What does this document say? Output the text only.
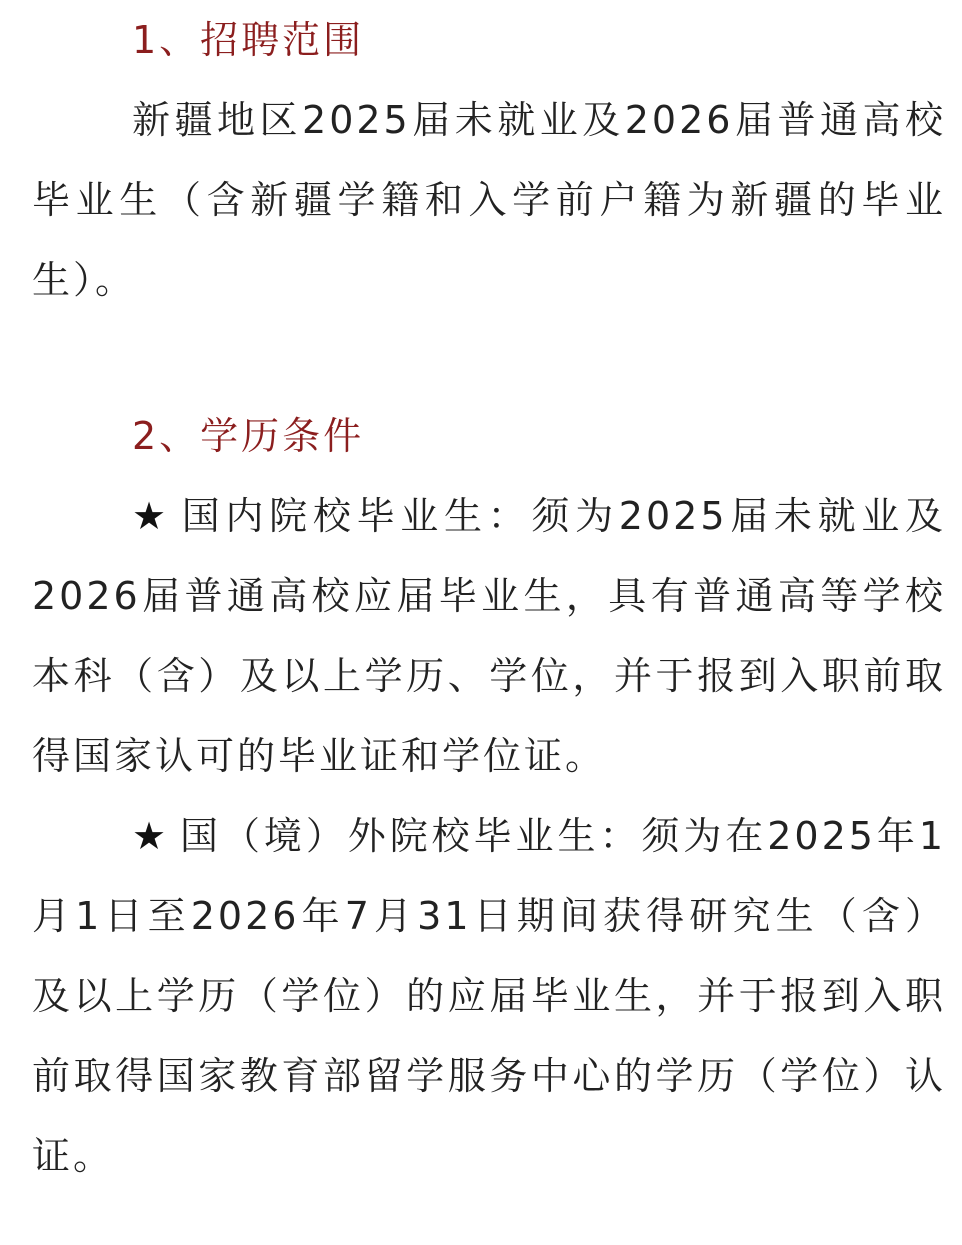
1、招聘范围

新疆地区2025届未就业及2026届普通高校毕业生（含新疆学籍和入学前户籍为新疆的毕业生）。

2、学历条件

★ 国内院校毕业生：须为2025届未就业及2026届普通高校应届毕业生，具有普通高等学校本科（含）及以上学历、学位，并于报到入职前取得国家认可的毕业证和学位证。

★ 国（境）外院校毕业生：须为在2025年1月1日至2026年7月31日期间获得研究生（含）及以上学历（学位）的应届毕业生，并于报到入职前取得国家教育部留学服务中心的学历（学位）认证。
